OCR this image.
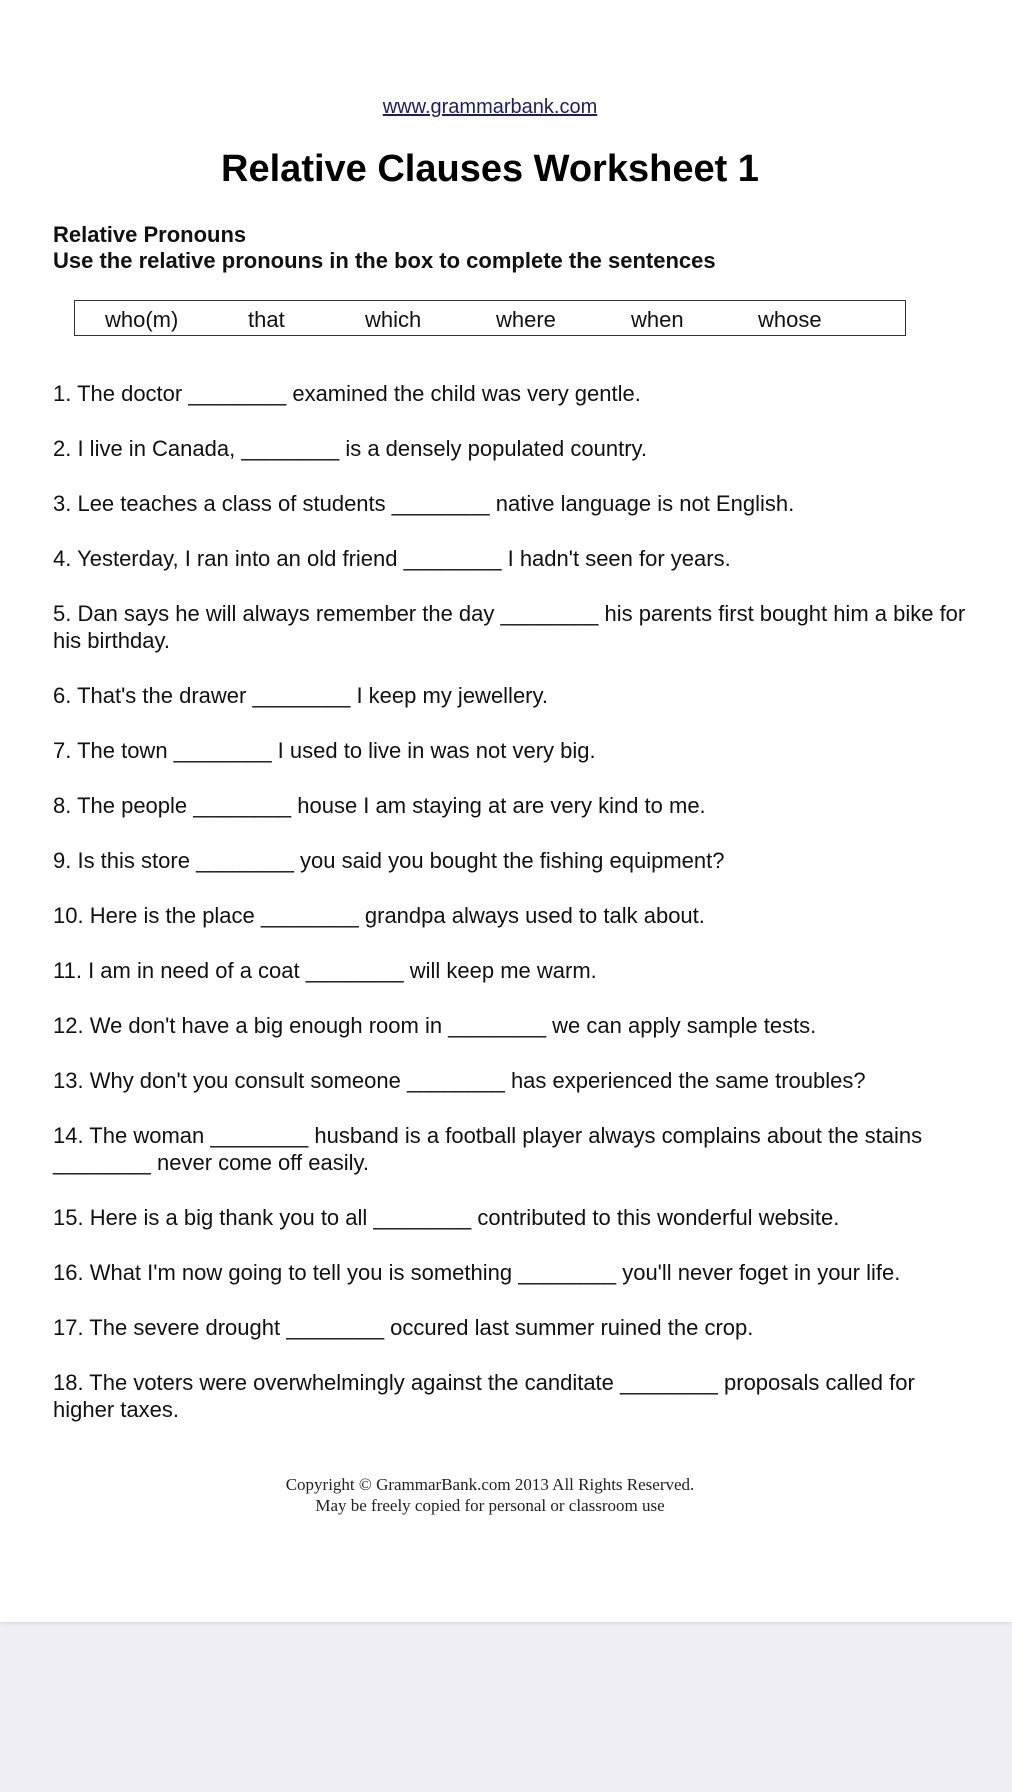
www.grammarbank.com
Relative Clauses Worksheet 1
Relative Pronouns
Use the relative pronouns in the box to complete the sentences
who(m)	that	which	where	when	whose
1. The doctor ________ examined the child was very gentle.
2. I live in Canada, ________ is a densely populated country.
3. Lee teaches a class of students ________ native language is not English.
4. Yesterday, I ran into an old friend ________ I hadn't seen for years.
5. Dan says he will always remember the day ________ his parents first bought him a bike for his birthday.
6. That's the drawer ________ I keep my jewellery.
7. The town ________ I used to live in was not very big.
8. The people ________ house I am staying at are very kind to me.
9. Is this store ________ you said you bought the fishing equipment?
10. Here is the place ________ grandpa always used to talk about.
11. I am in need of a coat ________ will keep me warm.
12. We don't have a big enough room in ________ we can apply sample tests.
13. Why don't you consult someone ________ has experienced the same troubles?
14. The woman ________ husband is a football player always complains about the stains ________ never come off easily.
15. Here is a big thank you to all ________ contributed to this wonderful website.
16. What I'm now going to tell you is something ________ you'll never foget in your life.
17. The severe drought ________ occured last summer ruined the crop.
18. The voters were overwhelmingly against the canditate ________ proposals called for higher taxes.
Copyright © GrammarBank.com 2013 All Rights Reserved.
May be freely copied for personal or classroom use
